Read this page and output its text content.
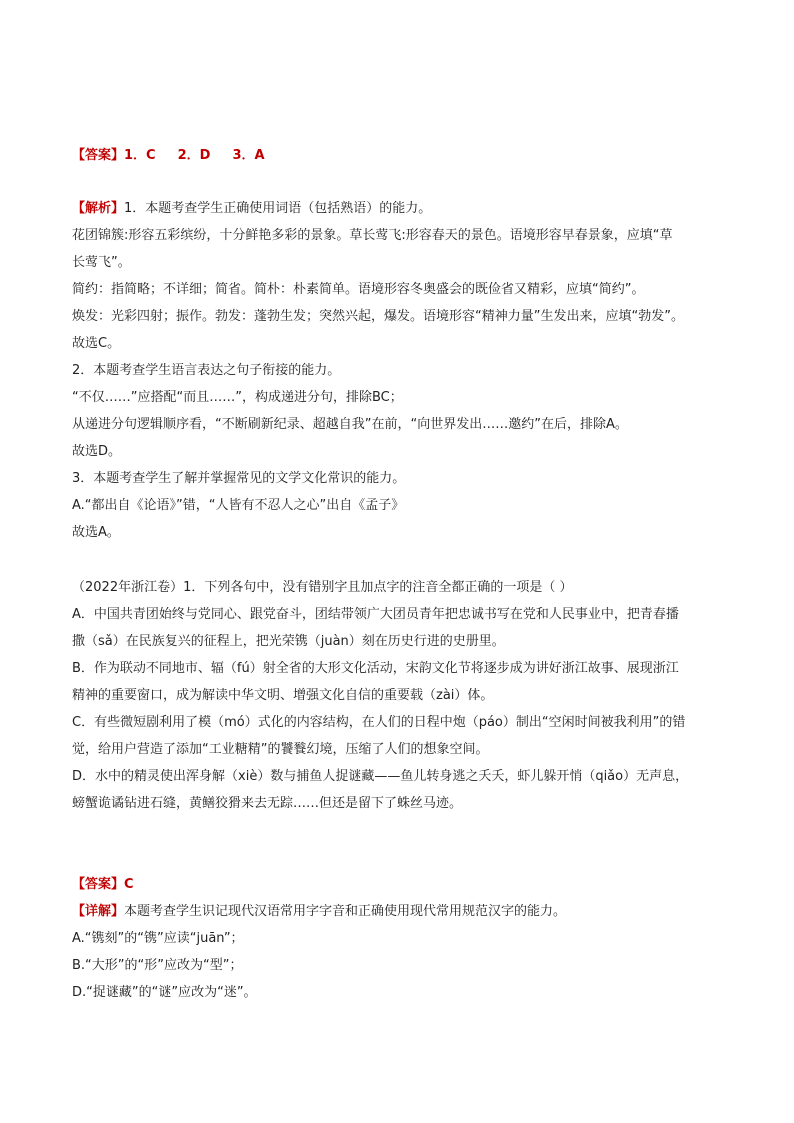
【答案】1．C 2．D 3．A
【解析】1．本题考查学生正确使用词语（包括熟语）的能力。
花团锦簇:形容五彩缤纷，十分鲜艳多彩的景象。草长莺飞:形容春天的景色。语境形容早春景象，应填“草
长莺飞”。
简约：指简略；不详细；简省。简朴：朴素简单。语境形容冬奥盛会的既俭省又精彩，应填“简约”。
焕发：光彩四射；振作。勃发：蓬勃生发；突然兴起，爆发。语境形容“精神力量”生发出来，应填“勃发”。
故选C。
2．本题考查学生语言表达之句子衔接的能力。
“不仅……”应搭配“而且……”，构成递进分句，排除BC；
从递进分句逻辑顺序看，“不断刷新纪录、超越自我”在前，“向世界发出……邀约”在后，排除A。
故选D。
3．本题考查学生了解并掌握常见的文学文化常识的能力。
A.“都出自《论语》”错，“人皆有不忍人之心”出自《孟子》
故选A。
（2022年浙江卷）1．下列各句中，没有错别字且加点字的注音全都正确的一项是（ ）
A．中国共青团始终与党同心、跟党奋斗，团结带领广大团员青年把忠诚书写在党和人民事业中，把青春播
撒（sǎ）在民族复兴的征程上，把光荣镌（juàn）刻在历史行进的史册里。
B．作为联动不同地市、辐（fú）射全省的大形文化活动，宋韵文化节将逐步成为讲好浙江故事、展现浙江
精神的重要窗口，成为解读中华文明、增强文化自信的重要载（zài）体。
C．有些微短剧利用了模（mó）式化的内容结构，在人们的日程中炮（páo）制出“空闲时间被我利用”的错
觉，给用户营造了添加“工业糖精”的饕餮幻境，压缩了人们的想象空间。
D．水中的精灵使出浑身解（xiè）数与捕鱼人捉谜藏——鱼儿转身逃之夭夭，虾儿躲开悄（qiǎo）无声息，
螃蟹诡谲钻进石缝，黄鳝狡猾来去无踪……但还是留下了蛛丝马迹。
【答案】C
【详解】本题考查学生识记现代汉语常用字字音和正确使用现代常用规范汉字的能力。
A.“镌刻”的“镌”应读“juān”；
B.“大形”的“形”应改为“型”；
D.“捉谜藏”的“谜”应改为“迷”。
